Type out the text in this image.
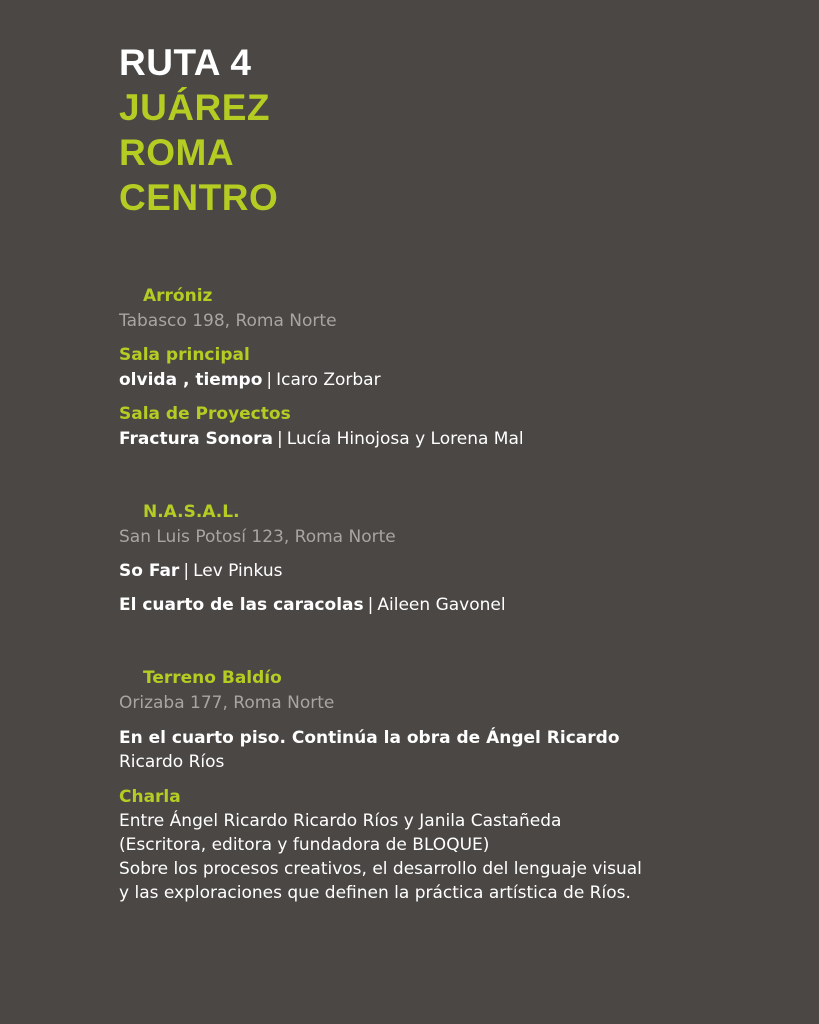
RUTA 4
JUÁREZ
ROMA
CENTRO
Arróniz
Tabasco 198, Roma Norte
Sala principal
olvida , tiempo | Icaro Zorbar
Sala de Proyectos
Fractura Sonora | Lucía Hinojosa y Lorena Mal
N.A.S.A.L.
San Luis Potosí 123, Roma Norte
So Far | Lev Pinkus
El cuarto de las caracolas | Aileen Gavonel
Terreno Baldío
Orizaba 177, Roma Norte
En el cuarto piso. Continúa la obra de Ángel Ricardo
Ricardo Ríos
Charla
Entre Ángel Ricardo Ricardo Ríos y Janila Castañeda
(Escritora, editora y fundadora de BLOQUE)
Sobre los procesos creativos, el desarrollo del lenguaje visual
y las exploraciones que definen la práctica artística de Ríos.
